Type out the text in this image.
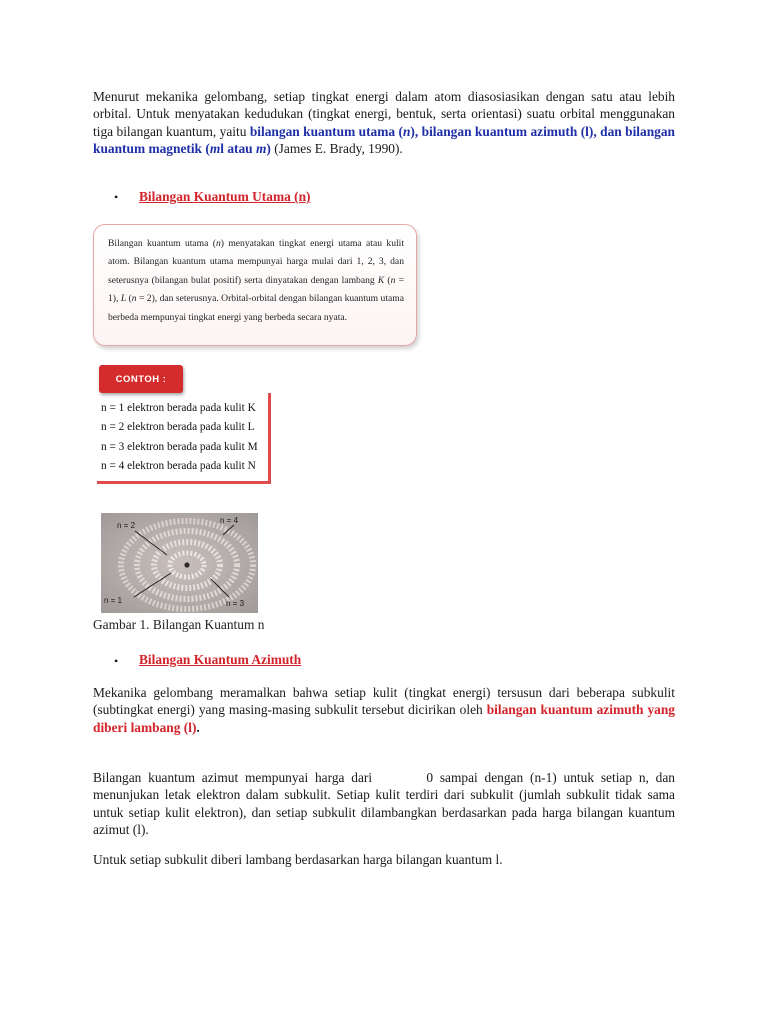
Menurut mekanika gelombang, setiap tingkat energi dalam atom diasosiasikan dengan satu atau lebih orbital. Untuk menyatakan kedudukan (tingkat energi, bentuk, serta orientasi) suatu orbital menggunakan tiga bilangan kuantum, yaitu bilangan kuantum utama (n), bilangan kuantum azimuth (l), dan bilangan kuantum magnetik (ml atau m) (James E. Brady, 1990).

• Bilangan Kuantum Utama (n)

Bilangan kuantum utama (n) menyatakan tingkat energi utama atau kulit atom. Bilangan kuantum utama mempunyai harga mulai dari 1, 2, 3, dan seterusnya (bilangan bulat positif) serta dinyatakan dengan lambang K (n = 1), L (n = 2), dan seterusnya. Orbital-orbital dengan bilangan kuantum utama berbeda mempunyai tingkat energi yang berbeda secara nyata.

CONTOH :
n = 1 elektron berada pada kulit K
n = 2 elektron berada pada kulit L
n = 3 elektron berada pada kulit M
n = 4 elektron berada pada kulit N
n = 2
n = 4
n = 1	n = 3

Gambar 1. Bilangan Kuantum n

• Bilangan Kuantum Azimuth

Mekanika gelombang meramalkan bahwa setiap kulit (tingkat energi) tersusun dari beberapa subkulit (subtingkat energi) yang masing-masing subkulit tersebut dicirikan oleh bilangan kuantum azimuth yang diberi lambang (l).

Bilangan kuantum azimut mempunyai harga dari        0 sampai dengan (n-1) untuk setiap n, dan menunjukan letak elektron dalam subkulit. Setiap kulit terdiri dari subkulit (jumlah subkulit tidak sama untuk setiap kulit elektron), dan setiap subkulit dilambangkan berdasarkan pada harga bilangan kuantum azimut (l).

Untuk setiap subkulit diberi lambang berdasarkan harga bilangan kuantum l.
